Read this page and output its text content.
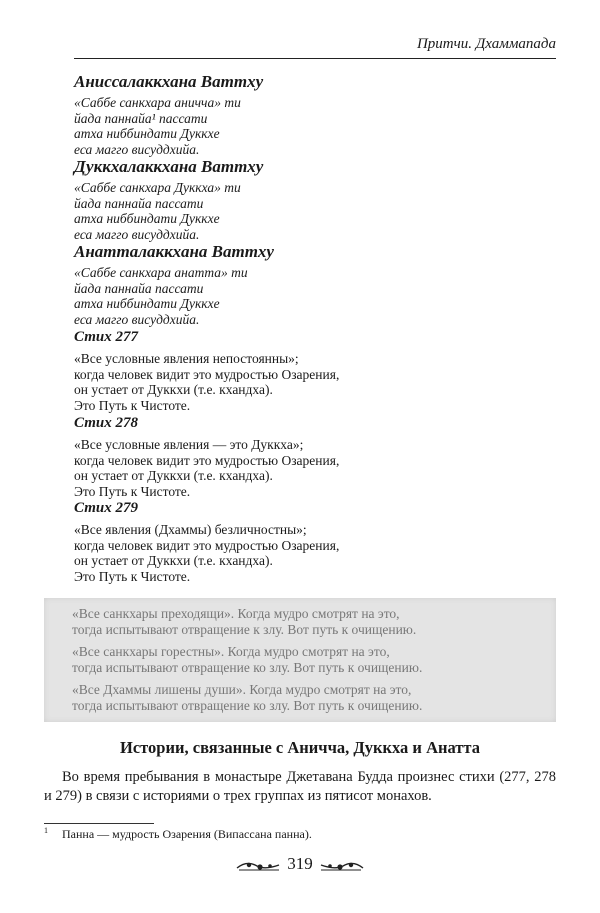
Притчи. Дхаммапада
Аниссалаккхана Ваттху
«Саббе санкхара аничча» ти
йада паннайа¹ пассати
атха ниббиндати Дуккхе
еса магго висуддхийа.
Дуккхалаккхана Ваттху
«Саббе санкхара Дуккха» ти
йада паннайа пассати
атха ниббиндати Дуккхе
еса магго висуддхийа.
Анатталаккхана Ваттху
«Саббе санкхара анатта» ти
йада паннайа пассати
атха ниббиндати Дуккхе
еса магго висуддхийа.
Стих 277
«Все условные явления непостоянны»;
когда человек видит это мудростью Озарения,
он устает от Дуккхи (т.е. кхандха).
Это Путь к Чистоте.
Стих 278
«Все условные явления — это Дуккха»;
когда человек видит это мудростью Озарения,
он устает от Дуккхи (т.е. кхандха).
Это Путь к Чистоте.
Стих 279
«Все явления (Дхаммы) безличностны»;
когда человек видит это мудростью Озарения,
он устает от Дуккхи (т.е. кхандха).
Это Путь к Чистоте.
«Все санкхары преходящи». Когда мудро смотрят на это,
тогда испытывают отвращение к злу. Вот путь к очищению.
«Все санкхары горестны». Когда мудро смотрят на это,
тогда испытывают отвращение ко злу. Вот путь к очищению.
«Все Дхаммы лишены души». Когда мудро смотрят на это,
тогда испытывают отвращение ко злу. Вот путь к очищению.
Истории, связанные с Аничча, Дуккха и Анатта
Во время пребывания в монастыре Джетавана Будда произнес стихи (277, 278 и 279) в связи с историями о трех группах из пятисот монахов.
$^1$ Панна — мудрость Озарения (Випассана панна).
319
